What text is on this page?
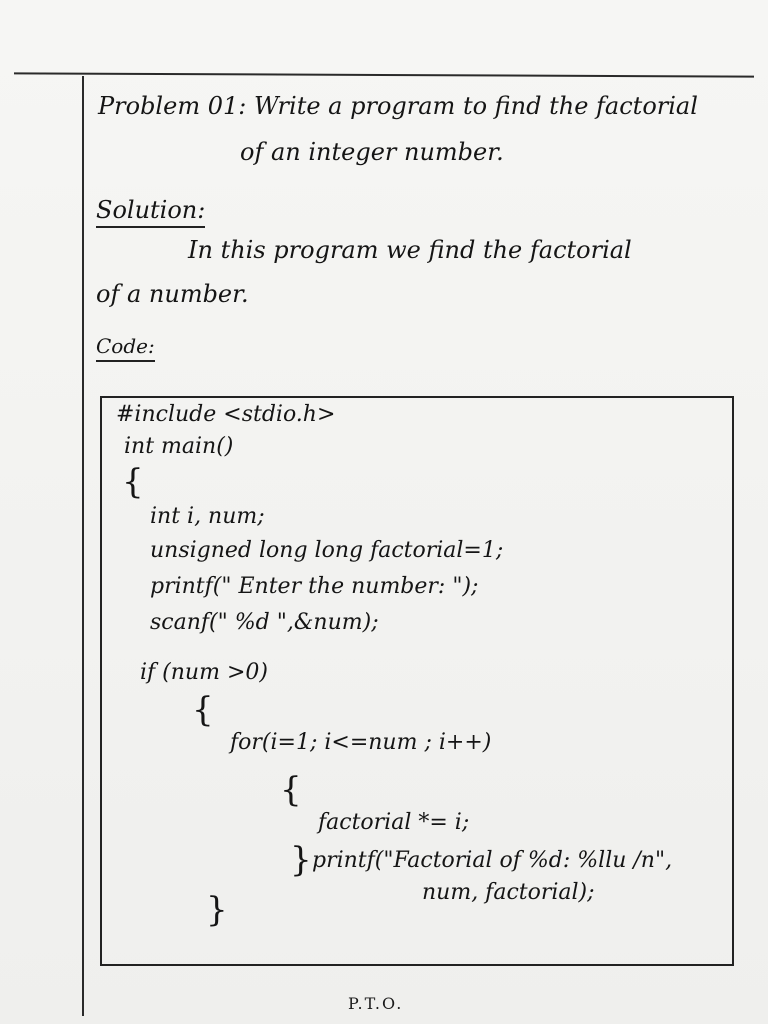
Problem 01: Write a program to find the factorial
of an integer number.
Solution:
In this program we find the factorial
of a number.
Code:
#include <stdio.h>
int main()
{
int i, num;
unsigned long long factorial=1;
printf(" Enter the number: ");
scanf(" %d ",&num);
if (num >0)
{
for(i=1; i<=num ; i++)
{
factorial *= i;
} printf("Factorial of %d: %llu /n",
num, factorial);
}
P.T.O.
